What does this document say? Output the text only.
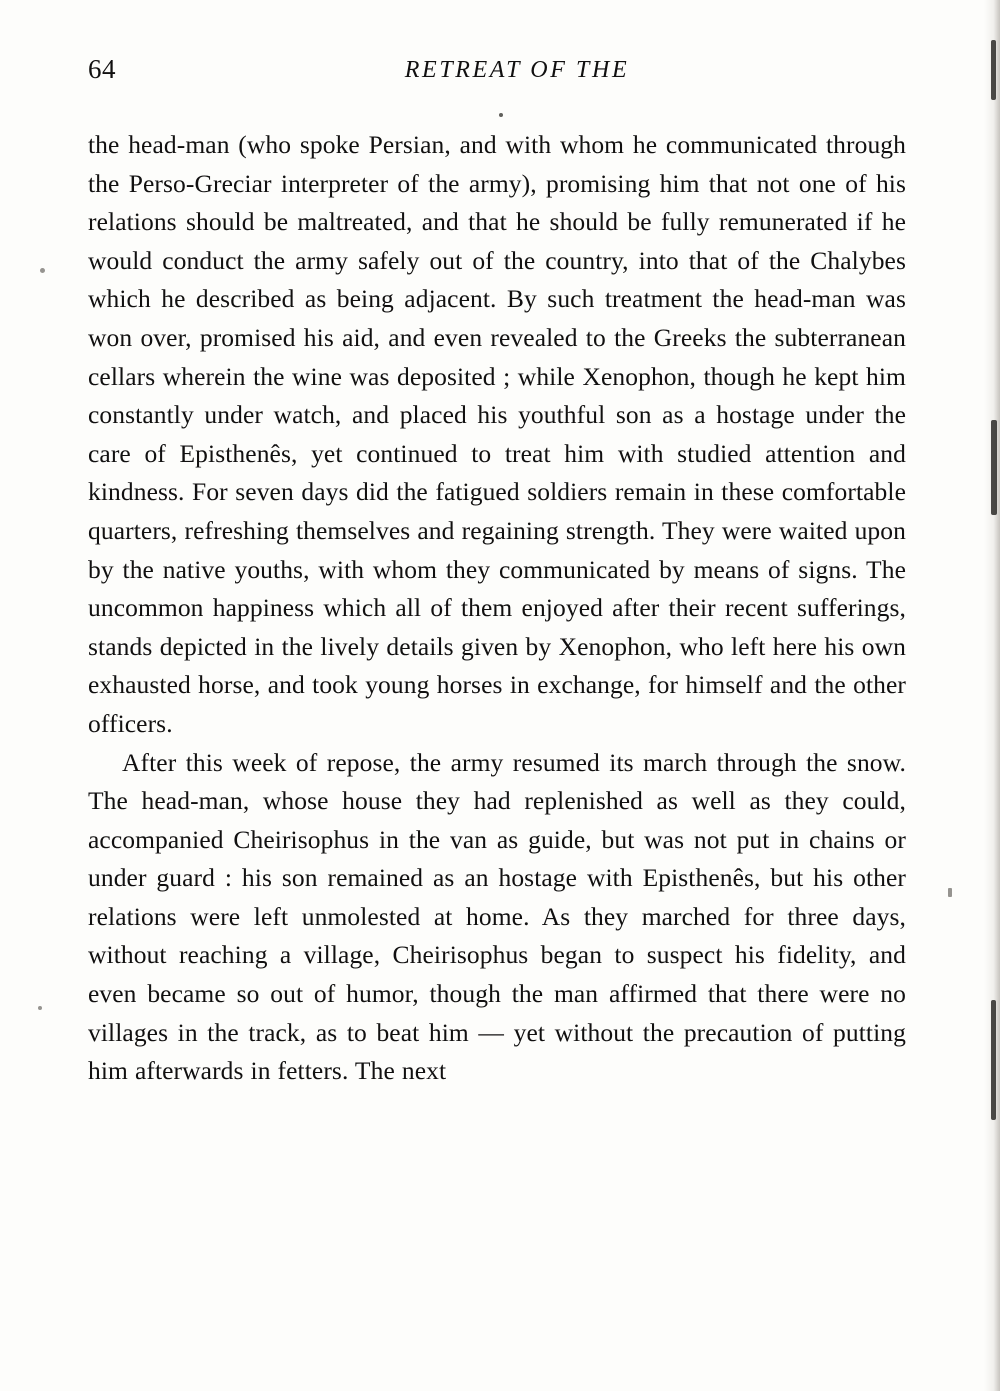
64	RETREAT OF THE

the head-man (who spoke Persian, and with whom he communicated through the Perso-Greciar interpreter of the army), promising him that not one of his relations should be maltreated, and that he should be fully remunerated if he would conduct the army safely out of the country, into that of the Chalybes which he described as being adjacent. By such treatment the head-man was won over, promised his aid, and even revealed to the Greeks the subterranean cellars wherein the wine was deposited ; while Xenophon, though he kept him constantly under watch, and placed his youthful son as a hostage under the care of Episthenês, yet continued to treat him with studied attention and kindness. For seven days did the fatigued soldiers remain in these comfortable quarters, refreshing themselves and regaining strength. They were waited upon by the native youths, with whom they communicated by means of signs. The uncommon happiness which all of them enjoyed after their recent sufferings, stands depicted in the lively details given by Xenophon, who left here his own exhausted horse, and took young horses in exchange, for himself and the other officers.

After this week of repose, the army resumed its march through the snow. The head-man, whose house they had replenished as well as they could, accompanied Cheirisophus in the van as guide, but was not put in chains or under guard : his son remained as an hostage with Episthenês, but his other relations were left unmolested at home. As they marched for three days, without reaching a village, Cheirisophus began to suspect his fidelity, and even became so out of humor, though the man affirmed that there were no villages in the track, as to beat him — yet without the precaution of putting him afterwards in fetters. The next
